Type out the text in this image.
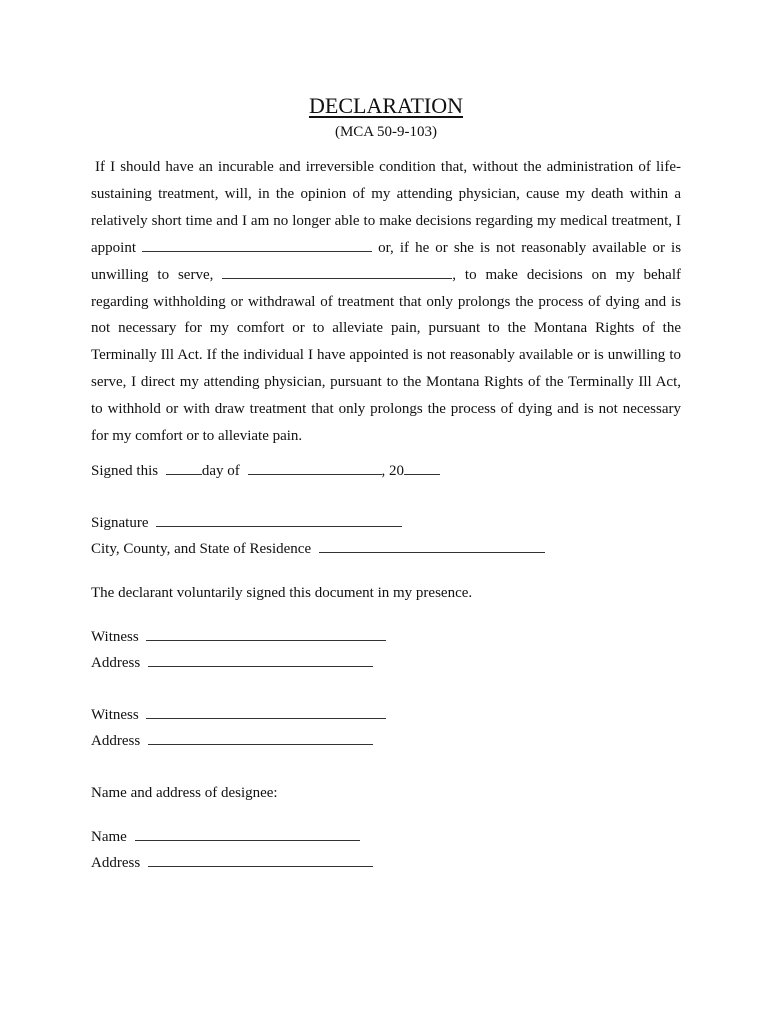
DECLARATION
(MCA 50-9-103)

If I should have an incurable and irreversible condition that, without the administration of life-sustaining treatment, will, in the opinion of my attending physician, cause my death within a relatively short time and I am no longer able to make decisions regarding my medical treatment, I appoint	or, if he or she is not reasonably available or is unwilling to serve,	, to make decisions on my behalf regarding withholding or withdrawal of treatment that only prolongs the process of dying and is not necessary for my comfort or to alleviate pain, pursuant to the Montana Rights of the Terminally Ill Act. If the individual I have appointed is not reasonably available or is unwilling to serve, I direct my attending physician, pursuant to the Montana Rights of the Terminally Ill Act, to withhold or with draw treatment that only prolongs the process of dying and is not necessary for my comfort or to alleviate pain.

Signed this	day of	, 20
Signature
City, County, and State of Residence
The declarant voluntarily signed this document in my presence.
Witness
Address
Witness
Address
Name and address of designee:
Name
Address
